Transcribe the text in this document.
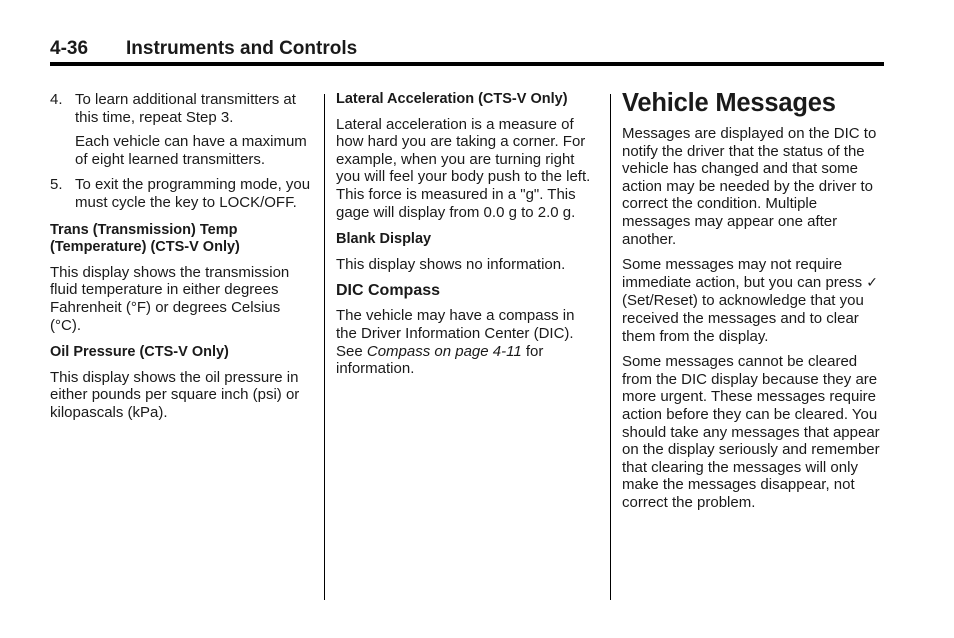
4-36 Instruments and Controls
4. To learn additional transmitters at this time, repeat Step 3.

Each vehicle can have a maximum of eight learned transmitters.

5. To exit the programming mode, you must cycle the key to LOCK/OFF.

Trans (Transmission) Temp (Temperature) (CTS-V Only)

This display shows the transmission fluid temperature in either degrees Fahrenheit (°F) or degrees Celsius (°C).

Oil Pressure (CTS-V Only)

This display shows the oil pressure in either pounds per square inch (psi) or kilopascals (kPa).

Lateral Acceleration (CTS-V Only)

Lateral acceleration is a measure of how hard you are taking a corner. For example, when you are turning right you will feel your body push to the left. This force is measured in a "g". This gage will display from 0.0 g to 2.0 g.

Blank Display

This display shows no information.

DIC Compass

The vehicle may have a compass in the Driver Information Center (DIC). See Compass on page 4-11 for information.

Vehicle Messages

Messages are displayed on the DIC to notify the driver that the status of the vehicle has changed and that some action may be needed by the driver to correct the condition. Multiple messages may appear one after another.

Some messages may not require immediate action, but you can press ✓ (Set/Reset) to acknowledge that you received the messages and to clear them from the display.

Some messages cannot be cleared from the DIC display because they are more urgent. These messages require action before they can be cleared. You should take any messages that appear on the display seriously and remember that clearing the messages will only make the messages disappear, not correct the problem.
